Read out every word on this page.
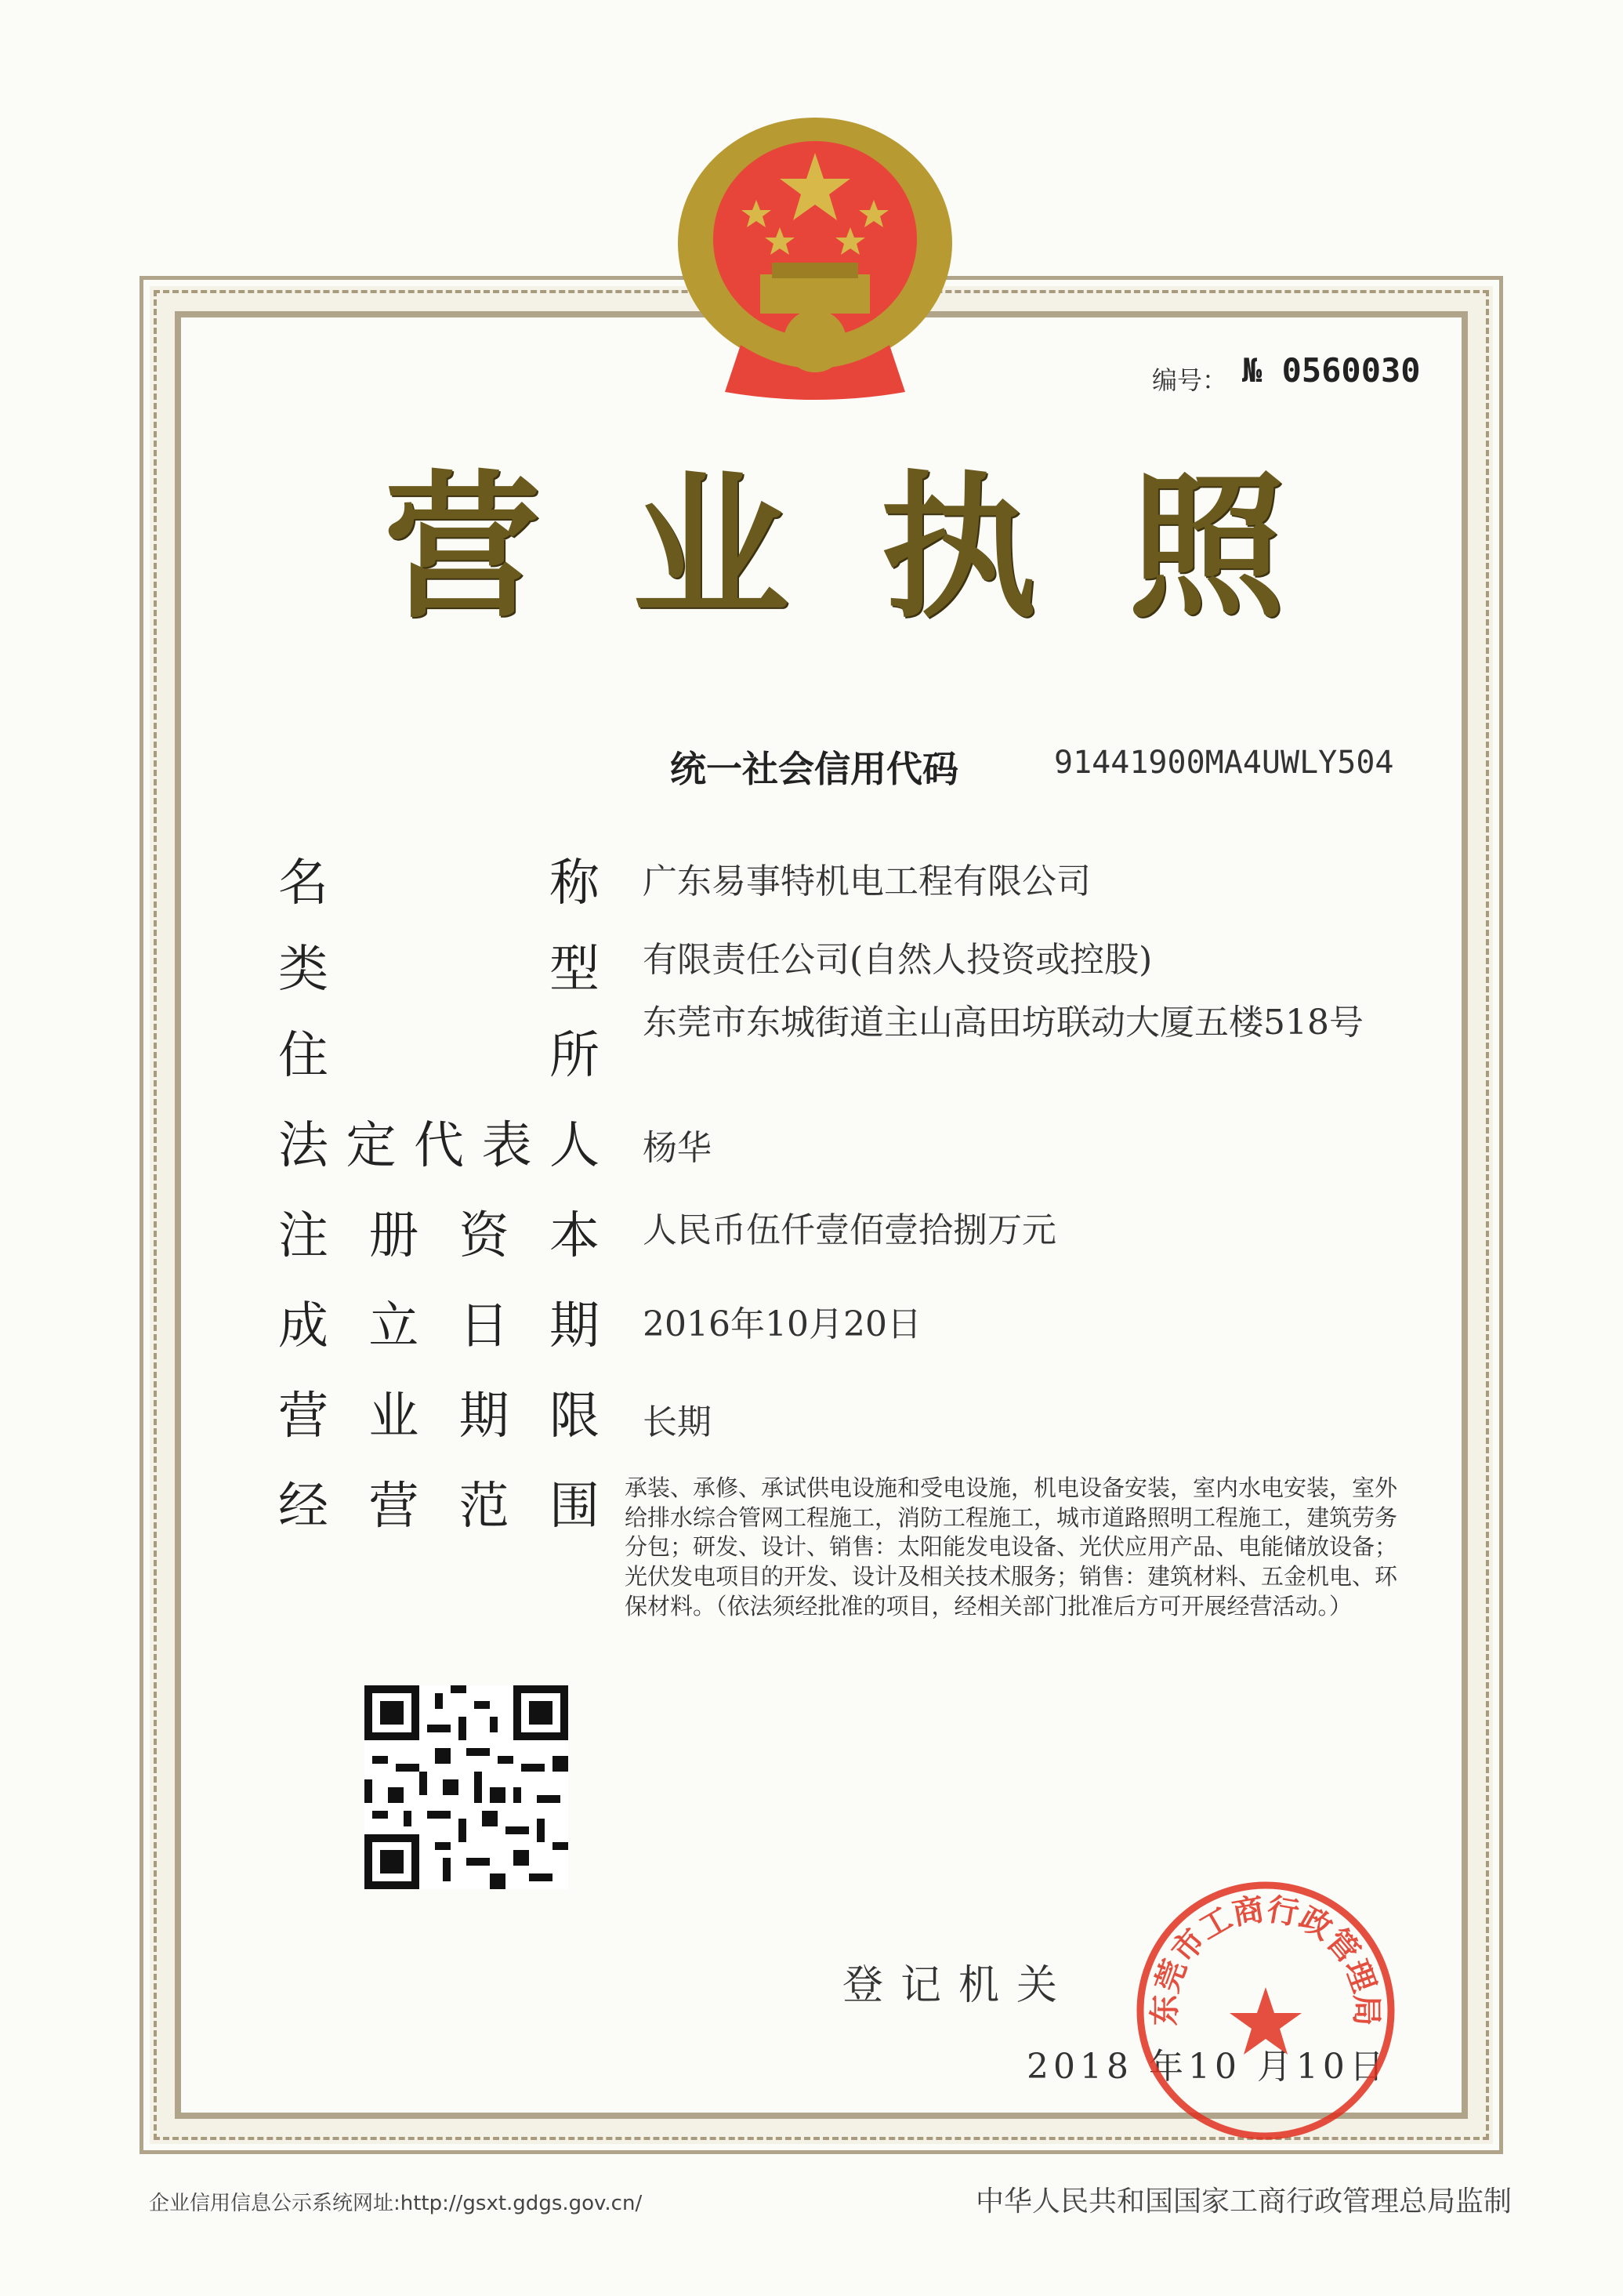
编号： № 0560030
营 业 执 照
统一社会信用代码	91441900MA4UWLY504
名	称 广东易事特机电工程有限公司
类	型 有限责任公司(自然人投资或控股)
住	所
东莞市东城街道主山高田坊联动大厦五楼518号
法 定 代 表 人 杨华
注 册 资 本 人民币伍仟壹佰壹拾捌万元
成 立 日 期 2016年10月20日
营 业 期 限 长期
经 营 范 围 承装、承修、承试供电设施和受电设施，机电设备安装，室内水电安装，室外给排水综合管网工程施工，消防工程施工，城市道路照明工程施工，建筑劳务分包；研发、设计、销售：太阳能发电设备、光伏应用产品、电能储放设备；光伏发电项目的开发、设计及相关技术服务；销售：建筑材料、五金机电、环保材料。（依法须经批准的项目，经相关部门批准后方可开展经营活动。）
登记机关
2018 年10 月10日
东莞市工商行政管理局
企业信用信息公示系统网址:http://gsxt.gdgs.gov.cn/	中华人民共和国国家工商行政管理总局监制
